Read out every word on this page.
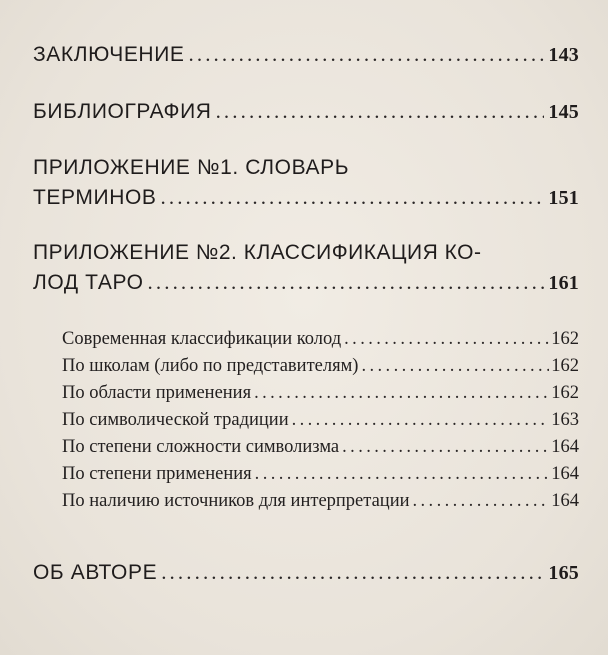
ЗАКЛЮЧЕНИЕ .....	143
БИБЛИОГРАФИЯ .....	145
ПРИЛОЖЕНИЕ №1. СЛОВАРЬ
ТЕРМИНОВ .....	151
ПРИЛОЖЕНИЕ №2. КЛАССИФИКАЦИЯ КО-
ЛОД ТАРО .....	161
Современная классификации колод .....	162
По школам (либо по представителям) .....	162
По области применения .....	162
По символической традиции .....	163
По степени сложности символизма .....	164
По степени применения .....	164
По наличию источников для интерпретации .....	164
ОБ АВТОРЕ .....	165
